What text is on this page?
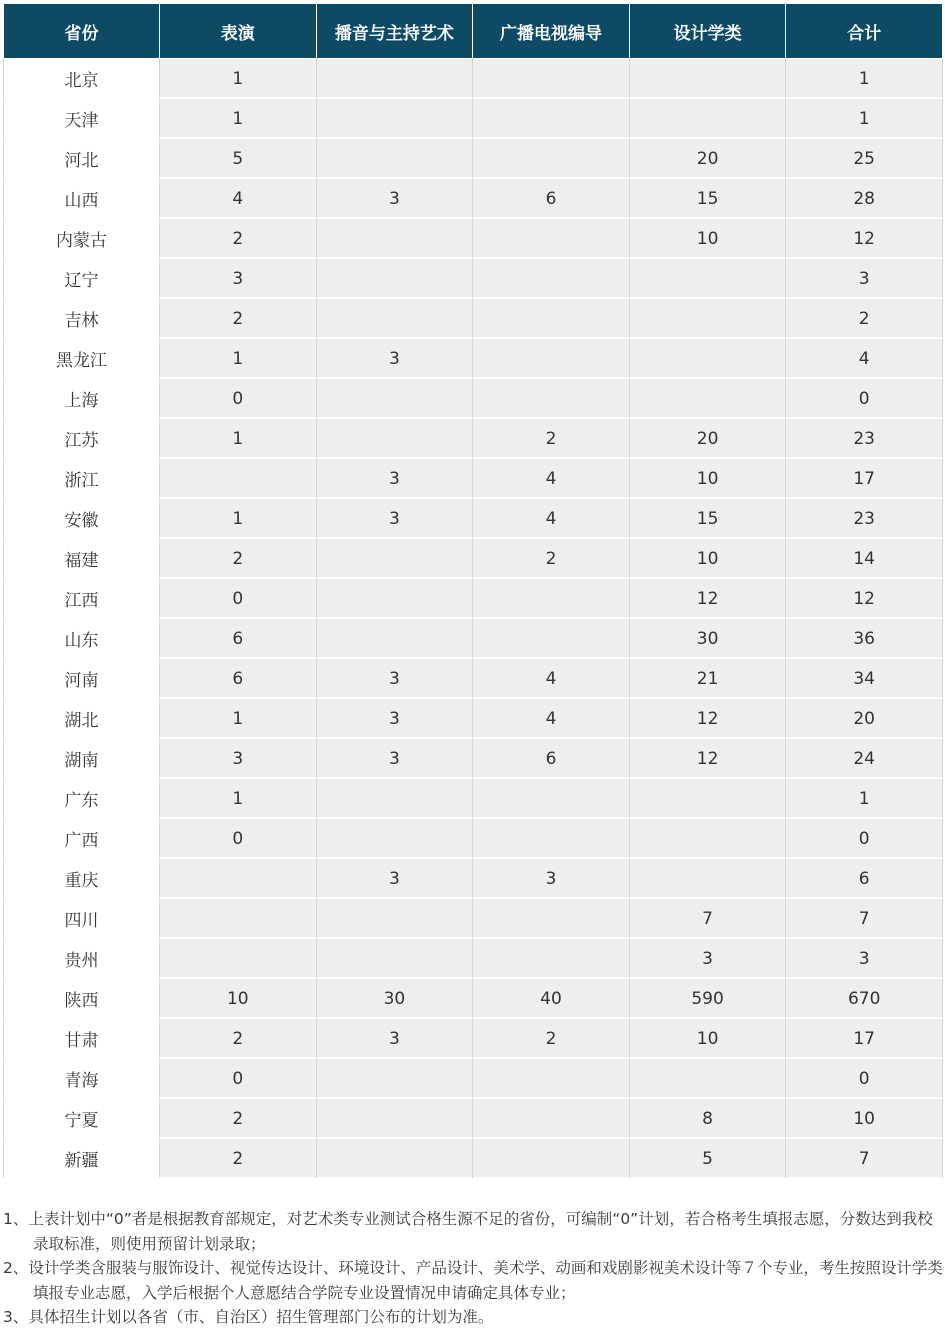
省份	表演	播音与主持艺术	广播电视编导	设计学类	合计
北京	1				1
天津	1				1
河北	5			20	25
山西	4	3	6	15	28
内蒙古	2			10	12
辽宁	3				3
吉林	2				2
黑龙江	1	3			4
上海	0				0
江苏	1		2	20	23
浙江		3	4	10	17
安徽	1	3	4	15	23
福建	2		2	10	14
江西	0			12	12
山东	6			30	36
河南	6	3	4	21	34
湖北	1	3	4	12	20
湖南	3	3	6	12	24
广东	1				1
广西	0				0
重庆		3	3		6
四川				7	7
贵州				3	3
陕西	10	30	40	590	670
甘肃	2	3	2	10	17
青海	0				0
宁夏	2			8	10
新疆	2			5	7

1、上表计划中“0”者是根据教育部规定，对艺术类专业测试合格生源不足的省份，可编制“0”计划，若合格考生填报志愿，分数达到我校录取标准，则使用预留计划录取；

2、设计学类含服装与服饰设计、视觉传达设计、环境设计、产品设计、美术学、动画和戏剧影视美术设计等７个专业，考生按照设计学类填报专业志愿，入学后根据个人意愿结合学院专业设置情况申请确定具体专业；

3、具体招生计划以各省（市、自治区）招生管理部门公布的计划为准。
